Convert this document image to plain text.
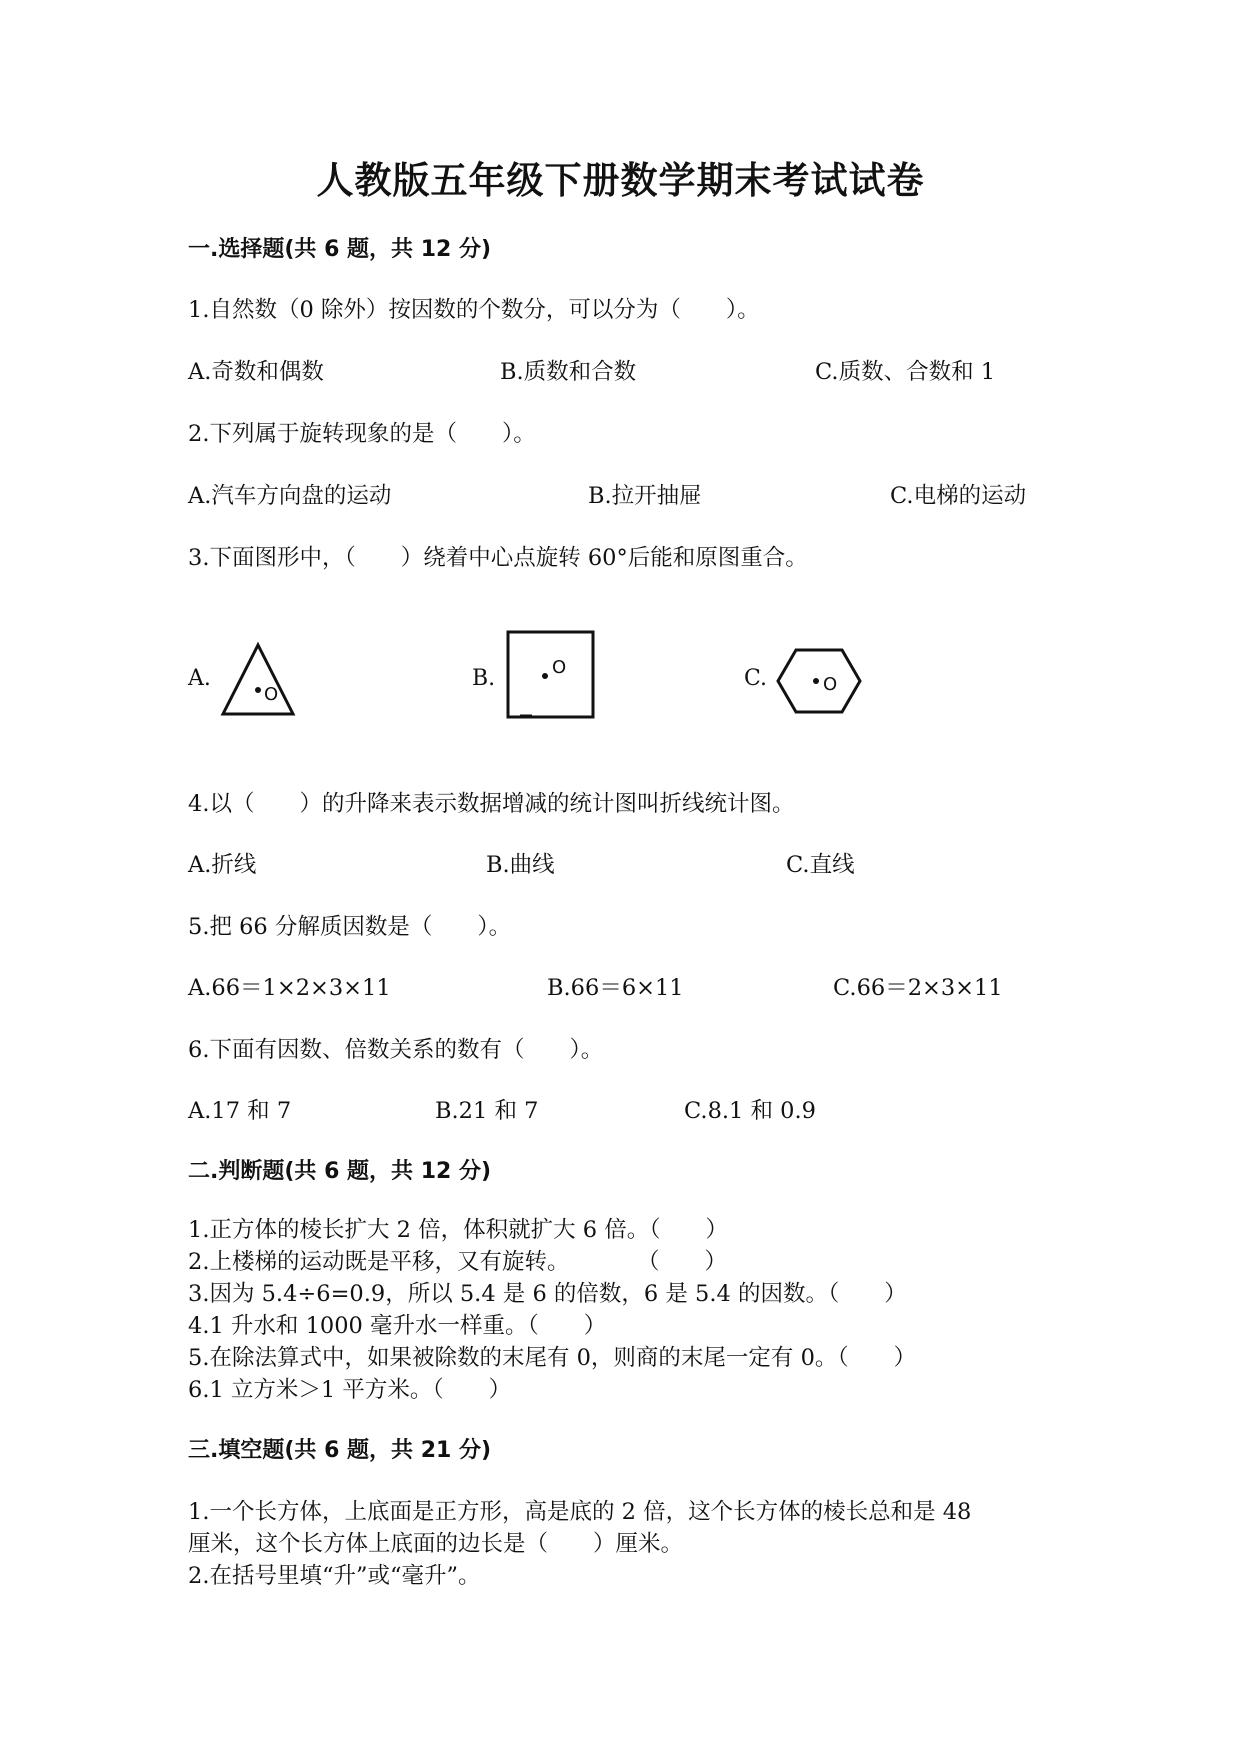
人教版五年级下册数学期末考试试卷
一.选择题(共 6 题，共 12 分)
1.自然数（0 除外）按因数的个数分，可以分为（　　）。
A.奇数和偶数	B.质数和合数	C.质数、合数和 1
2.下列属于旋转现象的是（　　）。
A.汽车方向盘的运动	B.拉开抽屉	C.电梯的运动
3.下面图形中，（　　）绕着中心点旋转 60°后能和原图重合。
A.
O
B.	O	C.	O
4.以（　　）的升降来表示数据增减的统计图叫折线统计图。
A.折线	B.曲线	C.直线
5.把 66 分解质因数是（　　）。
A.66＝1×2×3×11	B.66＝6×11	C.66＝2×3×11
6.下面有因数、倍数关系的数有（　　）。
A.17 和 7	B.21 和 7	C.8.1 和 0.9
二.判断题(共 6 题，共 12 分)
1.正方体的棱长扩大 2 倍，体积就扩大 6 倍。（　　）
2.上楼梯的运动既是平移，又有旋转。　　　　（　　）
3.因为 5.4÷6=0.9，所以 5.4 是 6 的倍数，6 是 5.4 的因数。（　　）
4.1 升水和 1000 毫升水一样重。（　　）
5.在除法算式中，如果被除数的末尾有 0，则商的末尾一定有 0。（　　）
6.1 立方米＞1 平方米。（　　）
三.填空题(共 6 题，共 21 分)
1.一个长方体，上底面是正方形，高是底的 2 倍，这个长方体的棱长总和是 48
厘米，这个长方体上底面的边长是（　　）厘米。
2.在括号里填“升”或“毫升”。
